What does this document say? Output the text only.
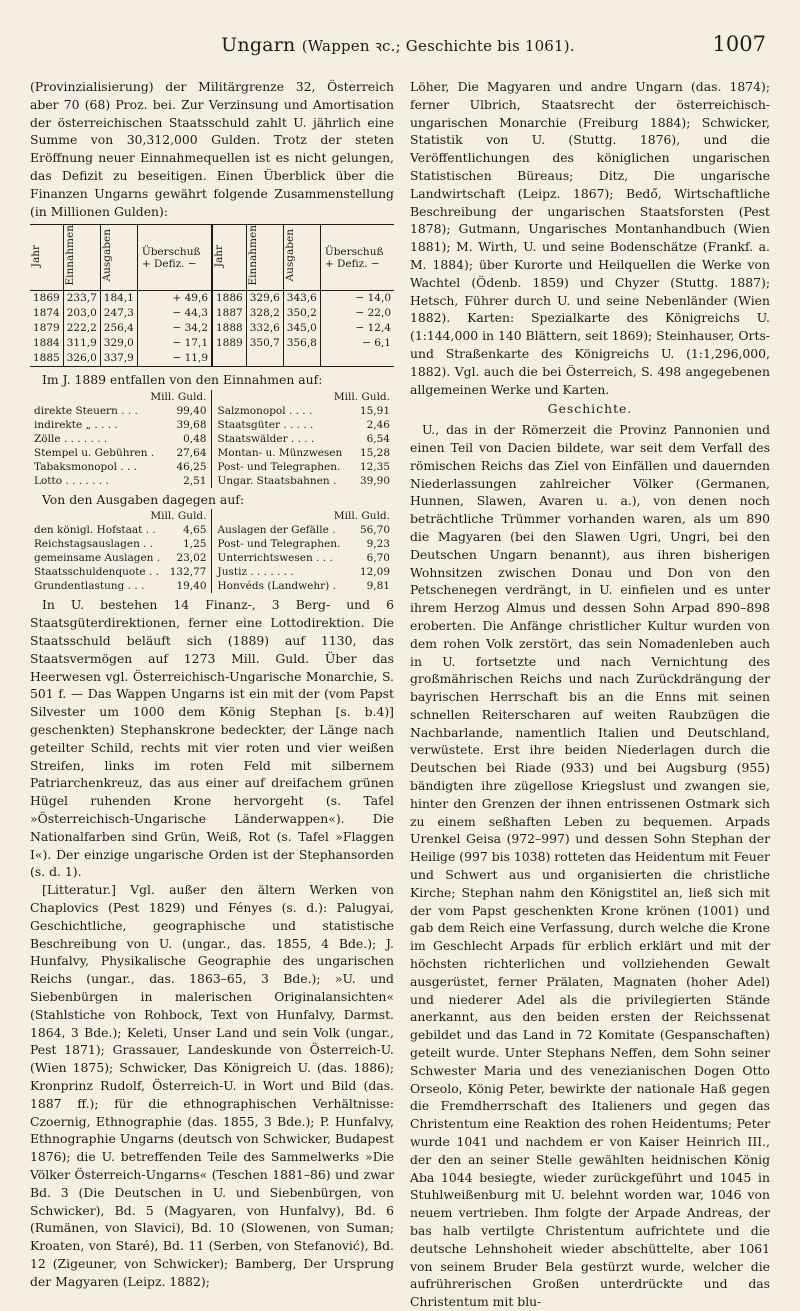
Ungarn (Wappen ꝛc.; Geschichte bis 1061).	1007

(Provinzialisierung) der Militärgrenze 32, Österreich aber 70 (68) Proz. bei. Zur Verzinsung und Amortisation der österreichischen Staatsschuld zahlt U. jährlich eine Summe von 30,312,000 Gulden. Trotz der steten Eröffnung neuer Einnahmequellen ist es nicht gelungen, das Defizit zu beseitigen. Einen Überblick über die Finanzen Ungarns gewährt folgende Zusammenstellung (in Millionen Gulden):

Jahr	Einnahmen	Ausgaben	Überschuß + Defiz. −	Jahr	Einnahmen	Ausgaben	Überschuß + Defiz. −
1869	233,7	184,1	+ 49,6	1886	329,6	343,6	− 14,0
1874	203,0	247,3	− 44,3	1887	328,2	350,2	− 22,0
1879	222,2	256,4	− 34,2	1888	332,6	345,0	− 12,4
1884	311,9	329,0	− 17,1	1889	350,7	356,8	− 6,1
1885	326,0	337,9	− 11,9				

Im J. 1889 entfallen von den Einnahmen auf:

Mill. Guld.
direkte Steuern . . .	99,40
indirekte „ . . . .	39,68
Zölle . . . . . . .	0,48
Stempel u. Gebühren . 27,64
Tabaksmonopol . . .	46,25
Lotto . . . . . . .	2,51
Mill. Guld.
Salzmonopol . . . .	15,91
Staatsgüter . . . . .	2,46
Staatswälder . . . .	6,54
Montan- u. Münzwesen 15,28
Post- und Telegraphen. 12,35
Ungar. Staatsbahnen . 39,90

Von den Ausgaben dagegen auf:

Mill. Guld.
den königl. Hofstaat . .	4,65
Reichstagsauslagen . .	1,25
gemeinsame Auslagen . 23,02
Staatsschuldenquote . . 132,77
Grundentlastung . . .	19,40
Mill. Guld.
Auslagen der Gefälle . 56,70
Post- und Telegraphen.	9,23
Unterrichtswesen . . .	6,70
Justiz . . . . . . .	12,09
Honvéds (Landwehr) .	9,81

In U. bestehen 14 Finanz-, 3 Berg- und 6 Staatsgüterdirektionen, ferner eine Lottodirektion. Die Staatsschuld beläuft sich (1889) auf 1130, das Staatsvermögen auf 1273 Mill. Guld. Über das Heerwesen vgl. Österreichisch-Ungarische Monarchie, S. 501 f. — Das Wappen Ungarns ist ein mit der (vom Papst Silvester um 1000 dem König Stephan [s. b.4)] geschenkten) Stephanskrone bedeckter, der Länge nach geteilter Schild, rechts mit vier roten und vier weißen Streifen, links im roten Feld mit silbernem Patriarchenkreuz, das aus einer auf dreifachem grünen Hügel ruhenden Krone hervorgeht (s. Tafel »Österreichisch-Ungarische Länderwappen«). Die Nationalfarben sind Grün, Weiß, Rot (s. Tafel »Flaggen I«). Der einzige ungarische Orden ist der Stephansorden (s. d. 1).

[Litteratur.] Vgl. außer den ältern Werken von Chaplovics (Pest 1829) und Fényes (s. d.): Palugyai, Geschichtliche, geographische und statistische Beschreibung von U. (ungar., das. 1855, 4 Bde.); J. Hunfalvy, Physikalische Geographie des ungarischen Reichs (ungar., das. 1863–65, 3 Bde.); »U. und Siebenbürgen in malerischen Originalansichten« (Stahlstiche von Rohbock, Text von Hunfalvy, Darmst. 1864, 3 Bde.); Keleti, Unser Land und sein Volk (ungar., Pest 1871); Grassauer, Landeskunde von Österreich-U. (Wien 1875); Schwicker, Das Königreich U. (das. 1886); Kronprinz Rudolf, Österreich-U. in Wort und Bild (das. 1887 ff.); für die ethnographischen Verhältnisse: Czoernig, Ethnographie (das. 1855, 3 Bde.); P. Hunfalvy, Ethnographie Ungarns (deutsch von Schwicker, Budapest 1876); die U. betreffenden Teile des Sammelwerks »Die Völker Österreich-Ungarns« (Teschen 1881–86) und zwar Bd. 3 (Die Deutschen in U. und Siebenbürgen, von Schwicker), Bd. 5 (Magyaren, von Hunfalvy), Bd. 6 (Rumänen, von Slavici), Bd. 10 (Slowenen, von Suman; Kroaten, von Staré), Bd. 11 (Serben, von Stefanović), Bd. 12 (Zigeuner, von Schwicker); Bamberg, Der Ursprung der Magyaren (Leipz. 1882);

Löher, Die Magyaren und andre Ungarn (das. 1874); ferner Ulbrich, Staatsrecht der österreichisch-ungarischen Monarchie (Freiburg 1884); Schwicker, Statistik von U. (Stuttg. 1876), und die Veröffentlichungen des königlichen ungarischen Statistischen Büreaus; Ditz, Die ungarische Landwirtschaft (Leipz. 1867); Bedő, Wirtschaftliche Beschreibung der ungarischen Staatsforsten (Pest 1878); Gutmann, Ungarisches Montanhandbuch (Wien 1881); M. Wirth, U. und seine Bodenschätze (Frankf. a. M. 1884); über Kurorte und Heilquellen die Werke von Wachtel (Ödenb. 1859) und Chyzer (Stuttg. 1887); Hetsch, Führer durch U. und seine Nebenländer (Wien 1882). Karten: Spezialkarte des Königreichs U. (1:144,000 in 140 Blättern, seit 1869); Steinhauser, Orts- und Straßenkarte des Königreichs U. (1:1,296,000, 1882). Vgl. auch die bei Österreich, S. 498 angegebenen allgemeinen Werke und Karten.

Geschichte.

U., das in der Römerzeit die Provinz Pannonien und einen Teil von Dacien bildete, war seit dem Verfall des römischen Reichs das Ziel von Einfällen und dauernden Niederlassungen zahlreicher Völker (Germanen, Hunnen, Slawen, Avaren u. a.), von denen noch beträchtliche Trümmer vorhanden waren, als um 890 die Magyaren (bei den Slawen Ugri, Ungri, bei den Deutschen Ungarn benannt), aus ihren bisherigen Wohnsitzen zwischen Donau und Don von den Petschenegen verdrängt, in U. einfielen und es unter ihrem Herzog Almus und dessen Sohn Arpad 890–898 eroberten. Die Anfänge christlicher Kultur wurden von dem rohen Volk zerstört, das sein Nomadenleben auch in U. fortsetzte und nach Vernichtung des großmährischen Reichs und nach Zurückdrängung der bayrischen Herrschaft bis an die Enns mit seinen schnellen Reiterscharen auf weiten Raubzügen die Nachbarlande, namentlich Italien und Deutschland, verwüstete. Erst ihre beiden Niederlagen durch die Deutschen bei Riade (933) und bei Augsburg (955) bändigten ihre zügellose Kriegslust und zwangen sie, hinter den Grenzen der ihnen entrissenen Ostmark sich zu einem seßhaften Leben zu bequemen. Arpads Urenkel Geisa (972–997) und dessen Sohn Stephan der Heilige (997 bis 1038) rotteten das Heidentum mit Feuer und Schwert aus und organisierten die christliche Kirche; Stephan nahm den Königstitel an, ließ sich mit der vom Papst geschenkten Krone krönen (1001) und gab dem Reich eine Verfassung, durch welche die Krone im Geschlecht Arpads für erblich erklärt und mit der höchsten richterlichen und vollziehenden Gewalt ausgerüstet, ferner Prälaten, Magnaten (hoher Adel) und niederer Adel als die privilegierten Stände anerkannt, aus den beiden ersten der Reichssenat gebildet und das Land in 72 Komitate (Gespanschaften) geteilt wurde. Unter Stephans Neffen, dem Sohn seiner Schwester Maria und des venezianischen Dogen Otto Orseolo, König Peter, bewirkte der nationale Haß gegen die Fremdherrschaft des Italieners und gegen das Christentum eine Reaktion des rohen Heidentums; Peter wurde 1041 und nachdem er von Kaiser Heinrich III., der den an seiner Stelle gewählten heidnischen König Aba 1044 besiegte, wieder zurückgeführt und 1045 in Stuhlweißenburg mit U. belehnt worden war, 1046 von neuem vertrieben. Ihm folgte der Arpade Andreas, der bas halb vertilgte Christentum aufrichtete und die deutsche Lehnshoheit wieder abschüttelte, aber 1061 von seinem Bruder Bela gestürzt wurde, welcher die aufrührerischen Großen unterdrückte und das Christentum mit blu-
